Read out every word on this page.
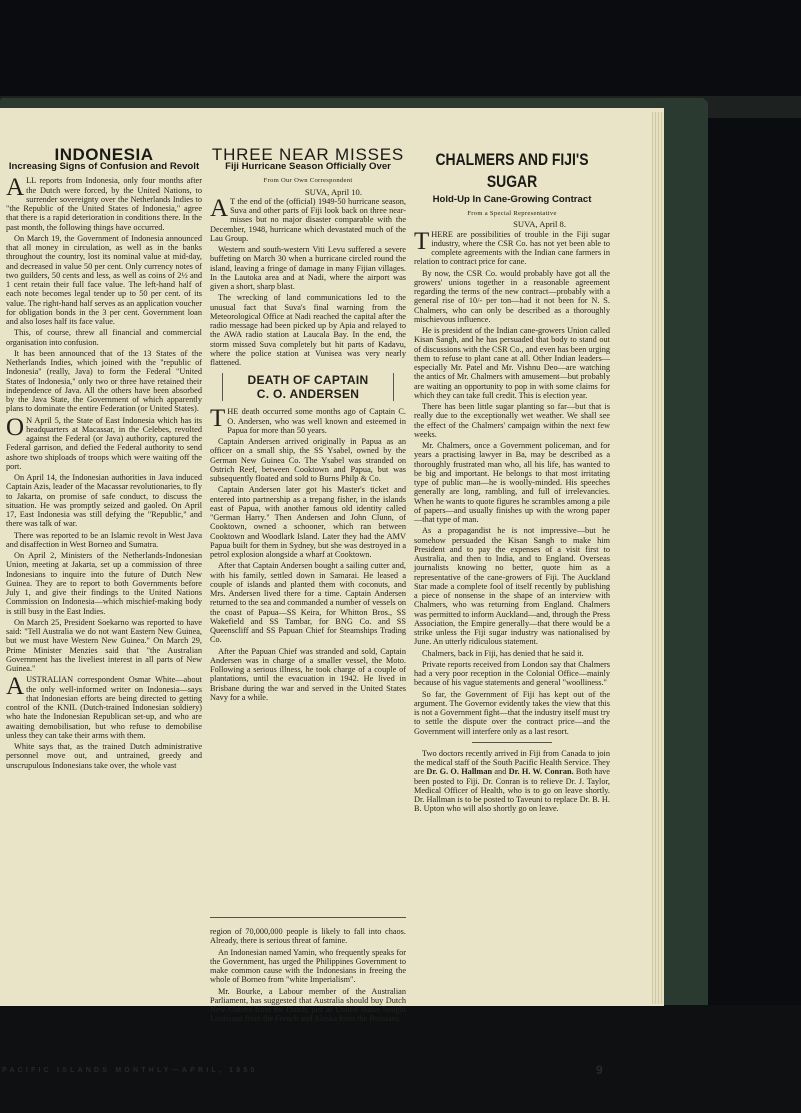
INDONESIA
Increasing Signs of Confusion and Revolt

ALL reports from Indonesia, only four months after the Dutch were forced, by the United Nations, to surrender sovereignty over the Netherlands Indies to "the Republic of the United States of Indonesia," agree that there is a rapid deterioration in conditions there. In the past month, the following things have occurred.

On March 19, the Government of Indonesia announced that all money in circulation, as well as in the banks throughout the country, lost its nominal value at mid-day, and decreased in value 50 per cent. Only currency notes of two guilders, 50 cents and less, as well as coins of 2½ and 1 cent retain their full face value. The left-hand half of each note becomes legal tender up to 50 per cent. of its value. The right-hand half serves as an application voucher for obligation bonds in the 3 per cent. Government loan and also loses half its face value.

This, of course, threw all financial and commercial organisation into confusion.

It has been announced that of the 13 States of the Netherlands Indies, which joined with the "republic of Indonesia" (really, Java) to form the Federal "United States of Indonesia," only two or three have retained their independence of Java. All the others have been absorbed by the Java State, the Government of which apparently plans to dominate the entire Federation (or United States).

O N April 5, the State of East Indonesia which has its headquarters at Macassar, in the Celebes, revolted against the Federal (or Java) authority, captured the Federal garrison, and defied the Federal authority to send ashore two shiploads of troops which were waiting off the port.

On April 14, the Indonesian authorities in Java induced Captain Azis, leader of the Macassar revolutionaries, to fly to Jakarta, on promise of safe conduct, to discuss the situation. He was promptly seized and gaoled. On April 17, East Indonesia was still defying the "Republic," and there was talk of war.

There was reported to be an Islamic revolt in West Java and disaffection in West Borneo and Sumatra.

On April 2, Ministers of the Netherlands-Indonesian Union, meeting at Jakarta, set up a commission of three Indonesians to inquire into the future of Dutch New Guinea. They are to report to both Governments before July 1, and give their findings to the United Nations Commission on Indonesia—which mischief-making body is still busy in the East Indies.

On March 25, President Soekarno was reported to have said: "Tell Australia we do not want Eastern New Guinea, but we must have Western New Guinea." On March 29, Prime Minister Menzies said that "the Australian Government has the liveliest interest in all parts of New Guinea."

AUSTRALIAN correspondent Osmar White—about the only well-informed writer on Indonesia—says that Indonesian efforts are being directed to getting control of the KNIL (Dutch-trained Indonesian soldiery) who hate the Indonesian Republican set-up, and who are awaiting demobilisation, but who refuse to demobilise unless they can take their arms with them.

White says that, as the trained Dutch administrative personnel move out, and untrained, greedy and unscrupulous Indonesians take over, the whole vast

THREE NEAR MISSES
Fiji Hurricane Season Officially Over
From Our Own Correspondent
SUVA, April 10.

A T the end of the (official) 1949-50 hurricane season, Suva and other parts of Fiji look back on three near-misses but no major disaster comparable with the December, 1948, hurricane which devastated much of the Lau Group.

Western and south-western Viti Levu suffered a severe buffeting on March 30 when a hurricane circled round the island, leaving a fringe of damage in many Fijian villages. In the Lautoka area and at Nadi, where the airport was given a short, sharp blast.

The wrecking of land communications led to the unusual fact that Suva's final warning from the Meteorological Office at Nadi reached the capital after the radio message had been picked up by Apia and relayed to the AWA radio station at Laucala Bay. In the end, the storm missed Suva completely but hit parts of Kadavu, where the police station at Vunisea was very nearly flattened.

DEATH OF CAPTAIN
C. O. ANDERSEN

THE death occurred some months ago of Captain C. O. Andersen, who was well known and esteemed in Papua for more than 50 years.

Captain Andersen arrived originally in Papua as an officer on a small ship, the SS Ysabel, owned by the German New Guinea Co. The Ysabel was stranded on Ostrich Reef, between Cooktown and Papua, but was subsequently floated and sold to Burns Philp & Co.

Captain Andersen later got his Master's ticket and entered into partnership as a trepang fisher, in the islands east of Papua, with another famous old identity called "German Harry." Then Andersen and John Clunn, of Cooktown, owned a schooner, which ran between Cooktown and Woodlark Island. Later they had the AMV Papua built for them in Sydney, but she was destroyed in a petrol explosion alongside a wharf at Cooktown.

After that Captain Andersen bought a sailing cutter and, with his family, settled down in Samarai. He leased a couple of islands and planted them with coconuts, and Mrs. Andersen lived there for a time. Captain Andersen returned to the sea and commanded a number of vessels on the coast of Papua—SS Keira, for Whitton Bros., SS Wakefield and SS Tambar, for BNG Co. and SS Queenscliff and SS Papuan Chief for Steamships Trading Co.

After the Papuan Chief was stranded and sold, Captain Andersen was in charge of a smaller vessel, the Moto. Following a serious illness, he took charge of a couple of plantations, until the evacuation in 1942. He lived in Brisbane during the war and served in the United States Navy for a while.

region of 70,000,000 people is likely to fall into chaos. Already, there is serious threat of famine.

An Indonesian named Yamin, who frequently speaks for the Government, has urged the Philippines Government to make common cause with the Indonesians in freeing the whole of Borneo from "white Imperialism".

Mr. Bourke, a Labour member of the Australian Parliament, has suggested that Australia should buy Dutch New Guinea from the Dutch, just as United States bought Louisiana from the French and Alaska from the Russians.

CHALMERS AND FIJI'S
SUGAR
Hold-Up In Cane-Growing Contract
From a Special Representative
SUVA, April 8.

THERE are possibilities of trouble in the Fiji sugar industry, where the CSR Co. has not yet been able to complete agreements with the Indian cane farmers in relation to contract price for cane.

By now, the CSR Co. would probably have got all the growers' unions together in a reasonable agreement regarding the terms of the new contract—probably with a general rise of 10/- per ton—had it not been for N. S. Chalmers, who can only be described as a thoroughly mischievous influence.

He is president of the Indian cane-growers Union called Kisan Sangh, and he has persuaded that body to stand out of discussions with the CSR Co., and even has been urging them to refuse to plant cane at all. Other Indian leaders—especially Mr. Patel and Mr. Vishnu Deo—are watching the antics of Mr. Chalmers with amusement—but probably are waiting an opportunity to pop in with some claims for which they can take full credit. This is election year.

There has been little sugar planting so far—but that is really due to the exceptionally wet weather. We shall see the effect of the Chalmers' campaign within the next few weeks.

Mr. Chalmers, once a Government policeman, and for years a practising lawyer in Ba, may be described as a thoroughly frustrated man who, all his life, has wanted to be big and important. He belongs to that most irritating type of public man—he is woolly-minded. His speeches generally are long, rambling, and full of irrelevancies. When he wants to quote figures he scrambles among a pile of papers—and usually finishes up with the wrong paper—that type of man.

As a propagandist he is not impressive—but he somehow persuaded the Kisan Sangh to make him President and to pay the expenses of a visit first to Australia, and then to India, and to England. Overseas journalists knowing no better, quote him as a representative of the cane-growers of Fiji. The Auckland Star made a complete fool of itself recently by publishing a piece of nonsense in the shape of an interview with Chalmers, who was returning from England. Chalmers was permitted to inform Auckland—and, through the Press Association, the Empire generally—that there would be a strike unless the Fiji sugar industry was nationalised by June. An utterly ridiculous statement.

Chalmers, back in Fiji, has denied that he said it.

Private reports received from London say that Chalmers had a very poor reception in the Colonial Office—mainly because of his vague statements and general "woolliness."

So far, the Government of Fiji has kept out of the argument. The Governor evidently takes the view that this is not a Government fight—that the industry itself must try to settle the dispute over the contract price—and the Government will interfere only as a last resort.

Two doctors recently arrived in Fiji from Canada to join the medical staff of the South Pacific Health Service. They are Dr. G. O. Hallman and Dr. H. W. Conran. Both have been posted to Fiji. Dr. Conran is to relieve Dr. J. Taylor, Medical Officer of Health, who is to go on leave shortly. Dr. Hallman is to be posted to Taveuni to replace Dr. B. H. B. Upton who will also shortly go on leave.

PACIFIC ISLANDS MONTHLY—APRIL, 1950	9
